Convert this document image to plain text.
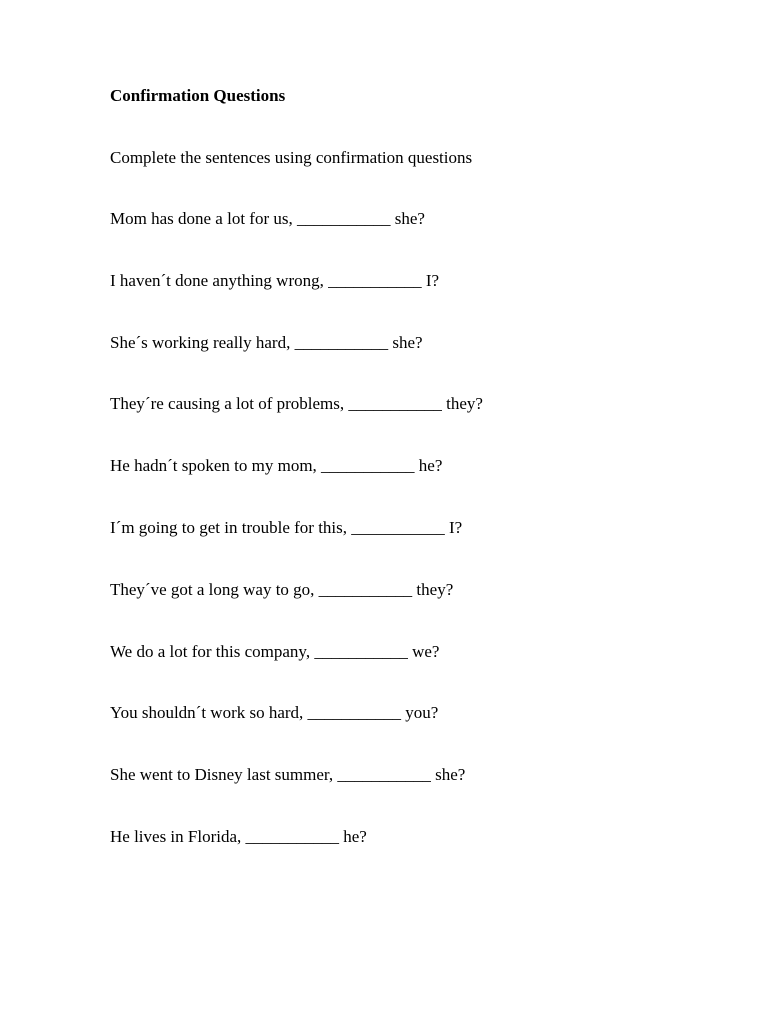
Confirmation Questions
Complete the sentences using confirmation questions
Mom has done a lot for us, ___________ she?
I haven´t done anything wrong, ___________ I?
She´s working really hard, ___________ she?
They´re causing a lot of problems, ___________ they?
He hadn´t spoken to my mom, ___________ he?
I´m going to get in trouble for this, ___________ I?
They´ve got a long way to go, ___________ they?
We do a lot for this company, ___________ we?
You shouldn´t work so hard, ___________ you?
She went to Disney last summer, ___________ she?
He lives in Florida, ___________ he?
